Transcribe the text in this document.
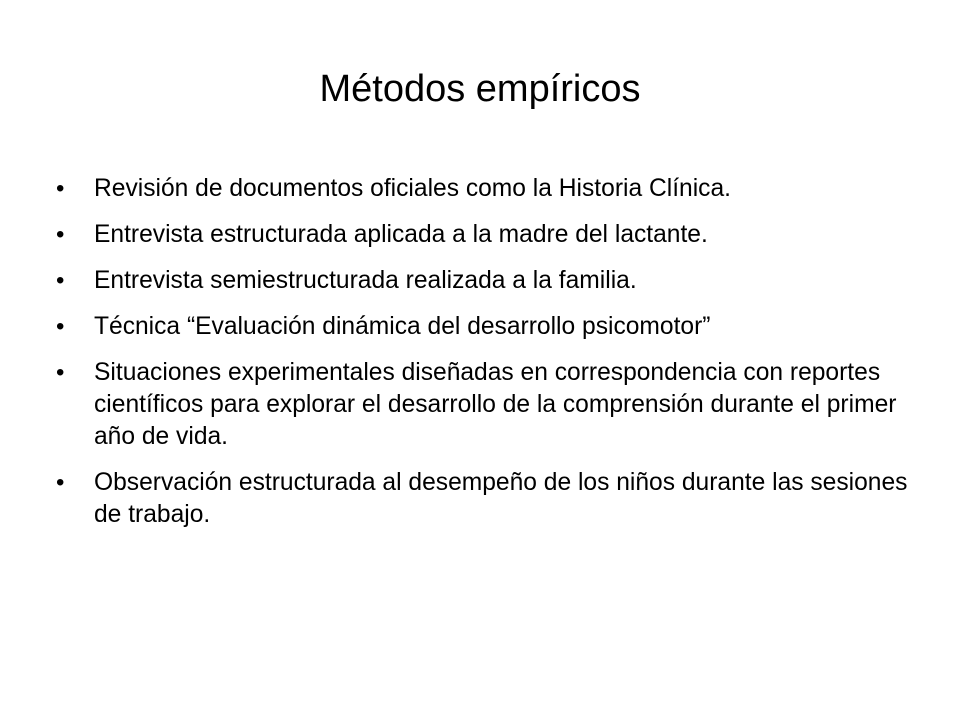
Métodos empíricos
• Revisión de documentos oficiales como la Historia Clínica.
• Entrevista estructurada aplicada a la madre del lactante.
• Entrevista semiestructurada realizada a la familia.
• Técnica “Evaluación dinámica del desarrollo psicomotor”
• Situaciones experimentales diseñadas en correspondencia con reportes científicos para explorar el desarrollo de la comprensión durante el primer año de vida.
• Observación estructurada al desempeño de los niños durante las sesiones de trabajo.
